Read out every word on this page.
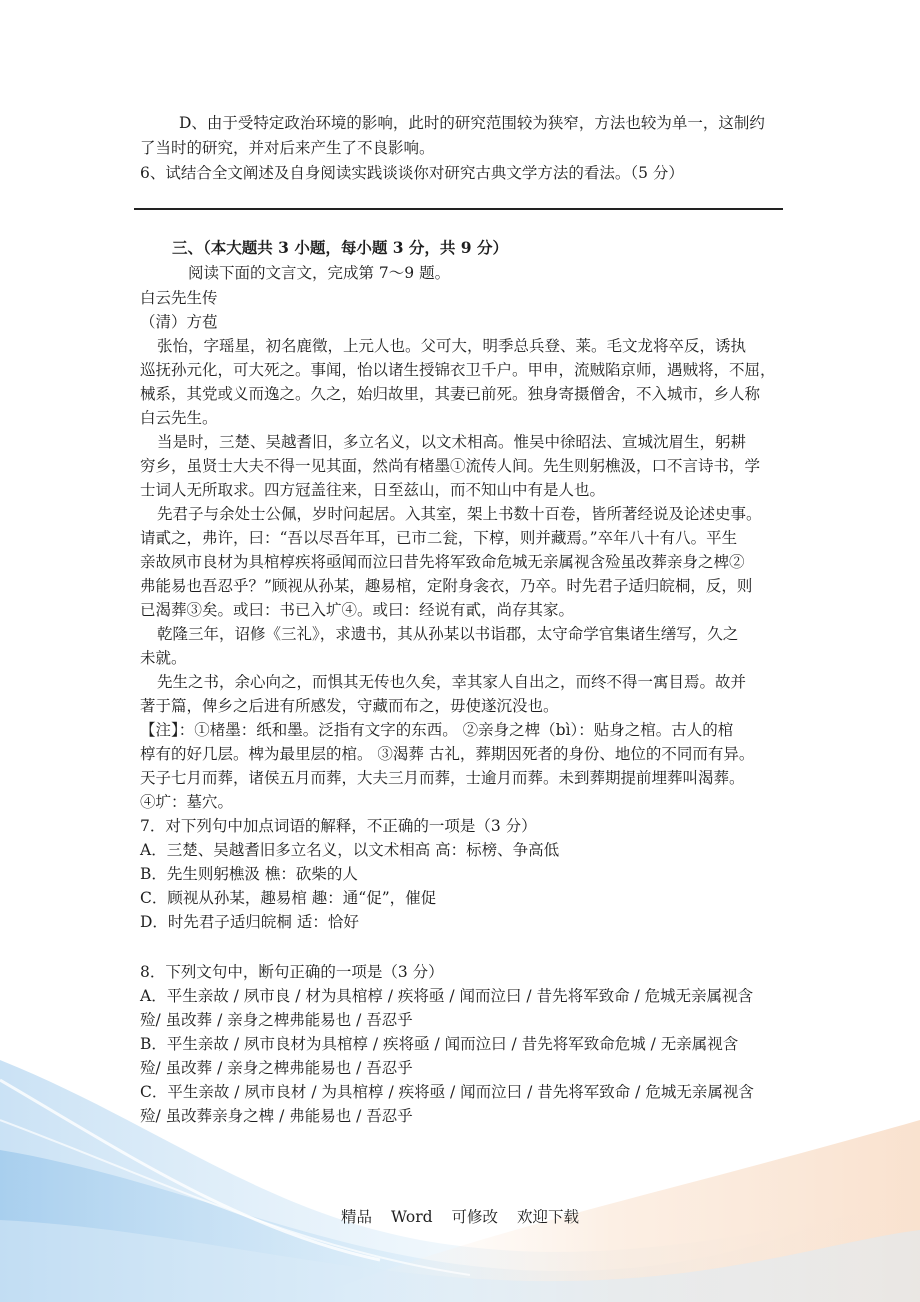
D、由于受特定政治环境的影响，此时的研究范围较为狭窄，方法也较为单一，这制约
了当时的研究，并对后来产生了不良影响。
6、试结合全文阐述及自身阅读实践谈谈你对研究古典文学方法的看法。（5 分）
三、（本大题共 3 小题，每小题 3 分，共 9 分）
阅读下面的文言文，完成第 7～9 题。
白云先生传
（清）方苞
张怡，字瑶星，初名鹿徵，上元人也。父可大，明季总兵登、莱。毛文龙将卒反，诱执
巡抚孙元化，可大死之。事闻，怡以诸生授锦衣卫千户。甲申，流贼陷京师，遇贼将，不屈，
械系，其党或义而逸之。久之，始归故里，其妻已前死。独身寄摄僧舍，不入城市，乡人称
白云先生。
当是时，三楚、吴越耆旧，多立名义，以文术相高。惟吴中徐昭法、宣城沈眉生，躬耕
穷乡，虽贤士大夫不得一见其面，然尚有楮墨①流传人间。先生则躬樵汲，口不言诗书，学
士词人无所取求。四方冠盖往来，日至兹山，而不知山中有是人也。
先君子与余处士公佩，岁时问起居。入其室，架上书数十百卷，皆所著经说及论述史事。
请貳之，弗许，曰：“吾以尽吾年耳，已市二瓮，下椁，则并藏焉。”卒年八十有八。平生
亲故夙市良材为具棺椁疾将亟闻而泣曰昔先将军致命危城无亲属视含殓虽改葬亲身之椑②
弗能易也吾忍乎？”顾视从孙某，趣易棺，定附身衾衣，乃卒。时先君子适归皖桐，反，则
已渴葬③矣。或曰：书已入圹④。或曰：经说有貳，尚存其家。
乾隆三年，诏修《三礼》，求遗书，其从孙某以书诣郡，太守命学官集诸生缮写，久之
未就。
先生之书，余心向之，而惧其无传也久矣，幸其家人自出之，而终不得一寓目焉。故并
著于篇，俾乡之后进有所感发，守藏而布之，毋使遂沉没也。
【注】：①楮墨：纸和墨。泛指有文字的东西。 ②亲身之椑（bì）：贴身之棺。古人的棺
椁有的好几层。椑为最里层的棺。 ③渴葬 古礼，葬期因死者的身份、地位的不同而有异。
天子七月而葬，诸侯五月而葬，大夫三月而葬，士逾月而葬。未到葬期提前埋葬叫渴葬。
④圹：墓穴。
7．对下列句中加点词语的解释，不正确的一项是（3 分）
A．三楚、吴越耆旧多立名义，以文术相高 高：标榜、争高低
B．先生则躬樵汲 樵：砍柴的人
C．顾视从孙某，趣易棺 趣：通“促”，催促
D．时先君子适归皖桐 适：恰好
8．下列文句中，断句正确的一项是（3 分）
A．平生亲故 / 夙市良 / 材为具棺椁 / 疾将亟 / 闻而泣曰 / 昔先将军致命 / 危城无亲属视含
殓/ 虽改葬 / 亲身之椑弗能易也 / 吾忍乎
B．平生亲故 / 夙市良材为具棺椁 / 疾将亟 / 闻而泣曰 / 昔先将军致命危城 / 无亲属视含
殓/ 虽改葬 / 亲身之椑弗能易也 / 吾忍乎
C．平生亲故 / 夙市良材 / 为具棺椁 / 疾将亟 / 闻而泣曰 / 昔先将军致命 / 危城无亲属视含
殓/ 虽改葬亲身之椑 / 弗能易也 / 吾忍乎
精品 Word 可修改 欢迎下载
